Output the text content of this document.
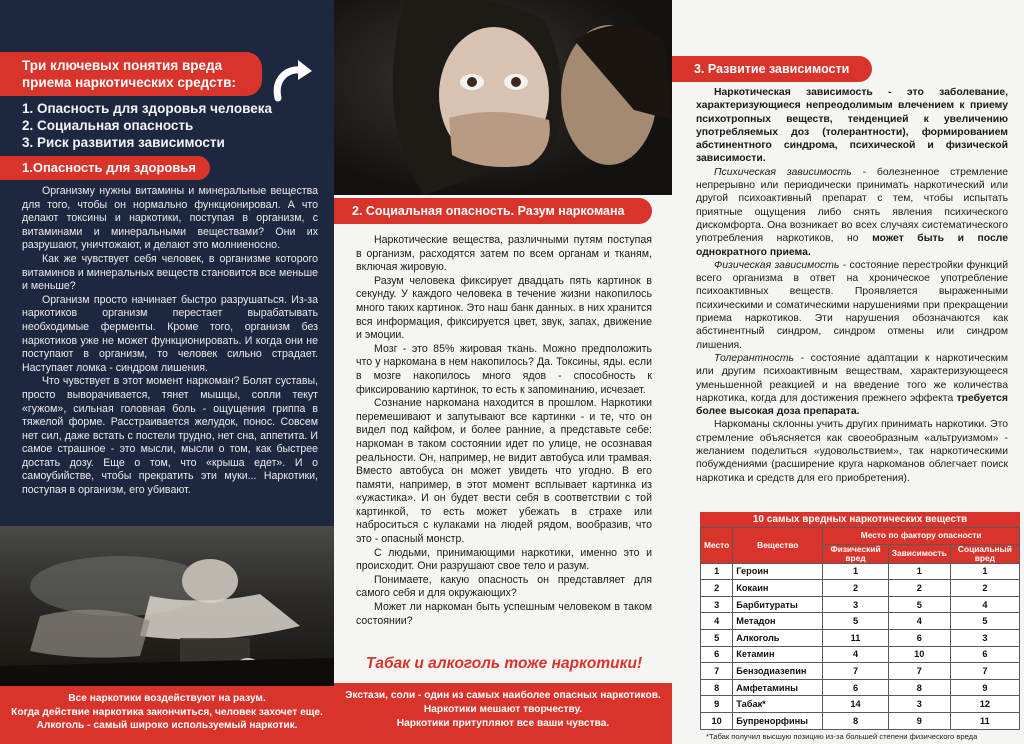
Три ключевых понятия вреда
приема наркотических средств:
1. Опасность для здоровья человека
2. Социальная опасность
3. Риск развития зависимости
1.Опасность для здоровья

Организму нужны витамины и минеральные вещества для того, чтобы он нормально функционировал. А что делают токсины и наркотики, поступая в организм, с витаминами и минеральными веществами? Они их разрушают, уничтожают, и делают это молниеносно.

Как же чувствует себя человек, в организме которого витаминов и минеральных веществ становится все меньше и меньше?

Организм просто начинает быстро разрушаться. Из-за наркотиков организм перестает вырабатывать необходимые ферменты. Кроме того, организм без наркотиков уже не может функционировать. И когда они не поступают в организм, то человек сильно страдает. Наступает ломка - синдром лишения.

Что чувствует в этот момент наркоман? Болят суставы, просто выворачивается, тянет мышцы, сопли текут «гужом», сильная головная боль - ощущения гриппа в тяжелой форме. Расстраивается желудок, понос. Совсем нет сил, даже встать с постели трудно, нет сна, аппетита. И самое страшное - это мысли, мысли о том, как быстрее достать дозу. Еще о том, что «крыша едет». И о самоубийстве, чтобы прекратить эти муки... Наркотики, поступая в организм, его убивают.

Все наркотики воздействуют на разум.
Когда действие наркотика закончиться, человек захочет еще.
Алкоголь - самый широко используемый наркотик.
2. Социальная опасность. Разум наркомана

Наркотические вещества, различными путям поступая в организм, расходятся затем по всем органам и тканям, включая жировую.

Разум человека фиксирует двадцать пять картинок в секунду. У каждого человека в течение жизни накопилось много таких картинок. Это наш банк данных. в них хранится вся информация, фиксируется цвет, звук, запах, движение и эмоции.

Мозг - это 85% жировая ткань. Можно предположить что у наркомана в нем накопилось? Да. Токсины, яды. если в мозге накопилось много ядов - способность к фиксированию картинок, то есть к запоминанию, исчезает.

Сознание наркомана находится в прошлом. Наркотики перемешивают и запутывают все картинки - и те, что он видел под кайфом, и более ранние, а представьте себе: наркоман в таком состоянии идет по улице, не осознавая реальности. Он, например, не видит автобуса или трамвая. Вместо автобуса он может увидеть что угодно. В его памяти, например, в этот момент всплывает картинка из «ужастика». И он будет вести себя в соответствии с той картинкой, то есть может убежать в страхе или наброситься с кулаками на людей рядом, вообразив, что это - опасный монстр.

С людьми, принимающими наркотики, именно это и происходит. Они разрушают свое тело и разум.

Понимаете, какую опасность он представляет для самого себя и для окружающих?

Может ли наркоман быть успешным человеком в таком состоянии?

Табак и алкоголь тоже наркотики!
Экстази, соли - один из самых наиболее опасных наркотиков.
Наркотики мешают творчеству.
Наркотики притупляют все ваши чувства.
3. Развитие зависимости

Наркотическая зависимость - это заболевание, характеризующиеся непреодолимым влечением к приему психотропных веществ, тенденцией к увеличению употребляемых доз (толерантности), формированием абстинентного синдрома, психической и физической зависимости.

Психическая зависимость - болезненное стремление непрерывно или периодически принимать наркотический или другой психоактивный препарат с тем, чтобы испытать приятные ощущения либо снять явления психического дискомфорта. Она возникает во всех случаях систематического употребления наркотиков, но может быть и после однократного приема.

Физическая зависимость - состояние перестройки функций всего организма в ответ на хроническое употребление психоактивных веществ. Проявляется выраженными психическими и соматическими нарушениями при прекращении приема наркотиков. Эти нарушения обозначаются как абстинентный синдром, синдром отмены или синдром лишения.

Толерантность - состояние адаптации к наркотическим или другим психоактивным веществам, характеризующееся уменьшенной реакцией и на введение того же количества наркотика, когда для достижения прежнего эффекта требуется более высокая доза препарата.

Наркоманы склонны учить других принимать наркотики. Это стремление объясняется как своеобразным «альтруизмом» - желанием поделиться «удовольствием», так наркотическими побуждениями (расширение круга наркоманов облегчает поиск наркотика и средств для его приобретения).

10 самых вредных наркотических веществ
Место	Вещество	Место по фактору опасности		
		Физический вред	Зависимость	Социальный вред
1	Героин	1	1	1
2	Кокаин	2	2	2
3	Барбитураты	3	5	4
4	Метадон	5	4	5
5	Алкоголь	11	6	3
6	Кетамин	4	10	6
7	Бензодиазепин	7	7	7
8	Амфетамины	6	8	9
9	Табак*	14	3	12
10	Бупренорфины	8	9	11
*Табак получил высшую позицию из-за большей степени физического вреда
